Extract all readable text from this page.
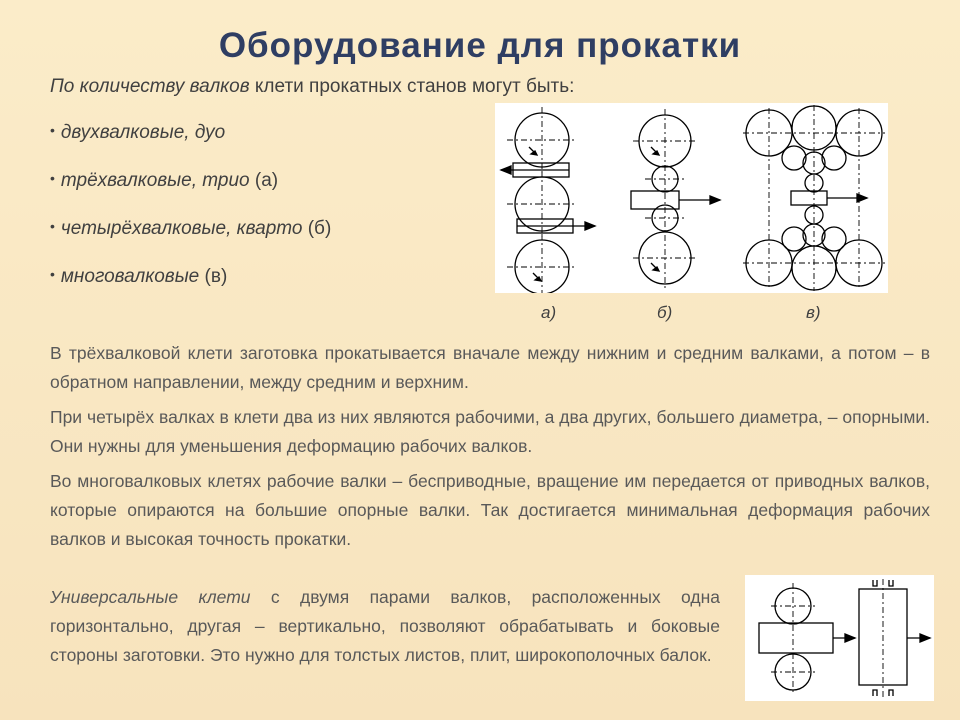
Оборудование для прокатки
По количеству валков клети прокатных станов могут быть:
• двухвалковые, дуо
• трёхвалковые, трио (а)
• четырёхвалковые, кварто (б)
• многовалковые (в)
а)	б)	в)

В трёхвалковой клети заготовка прокатывается вначале между нижним и средним валками, а потом – в обратном направлении, между средним и верхним.

При четырёх валках в клети два из них являются рабочими, а два других, большего диаметра, – опорными. Они нужны для уменьшения деформацию рабочих валков.

Во многовалковых клетях рабочие валки – бесприводные, вращение им передается от приводных валков, которые опираются на большие опорные валки. Так достигается минимальная деформация рабочих валков и высокая точность прокатки.

Универсальные клети с двумя парами валков, расположенных одна горизонтально, другая – вертикально, позволяют обрабатывать и боковые стороны заготовки. Это нужно для толстых листов, плит, широкополочных балок.
